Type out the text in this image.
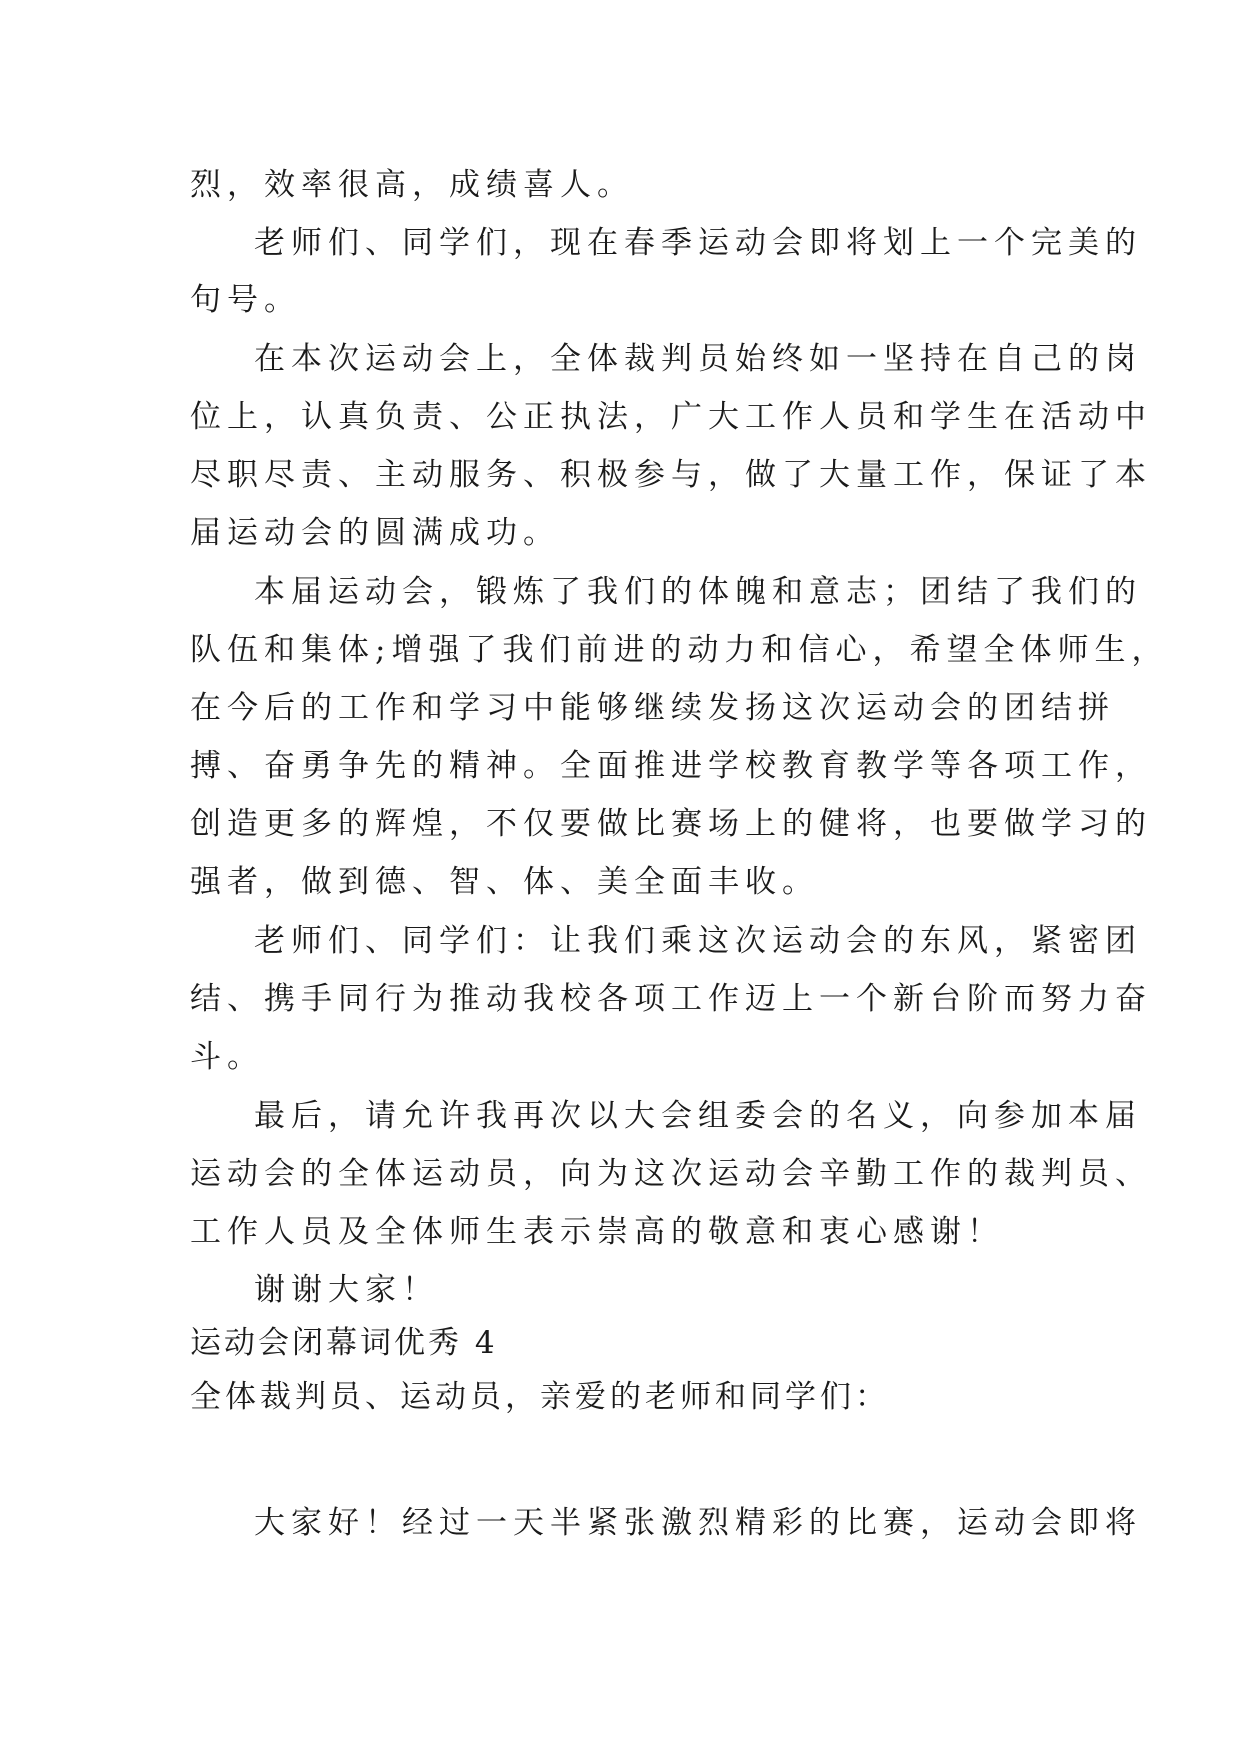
烈，效率很高，成绩喜人。
老师们、同学们，现在春季运动会即将划上一个完美的
句号。
在本次运动会上，全体裁判员始终如一坚持在自己的岗
位上，认真负责、公正执法，广大工作人员和学生在活动中
尽职尽责、主动服务、积极参与，做了大量工作，保证了本
届运动会的圆满成功。
本届运动会，锻炼了我们的体魄和意志；团结了我们的
队伍和集体;增强了我们前进的动力和信心，希望全体师生，
在今后的工作和学习中能够继续发扬这次运动会的团结拼
搏、奋勇争先的精神。全面推进学校教育教学等各项工作，
创造更多的辉煌，不仅要做比赛场上的健将，也要做学习的
强者，做到德、智、体、美全面丰收。
老师们、同学们：让我们乘这次运动会的东风，紧密团
结、携手同行为推动我校各项工作迈上一个新台阶而努力奋
斗。
最后，请允许我再次以大会组委会的名义，向参加本届
运动会的全体运动员，向为这次运动会辛勤工作的裁判员、
工作人员及全体师生表示崇高的敬意和衷心感谢！
谢谢大家！
运动会闭幕词优秀 4
全体裁判员、运动员，亲爱的老师和同学们：
大家好！经过一天半紧张激烈精彩的比赛，运动会即将
